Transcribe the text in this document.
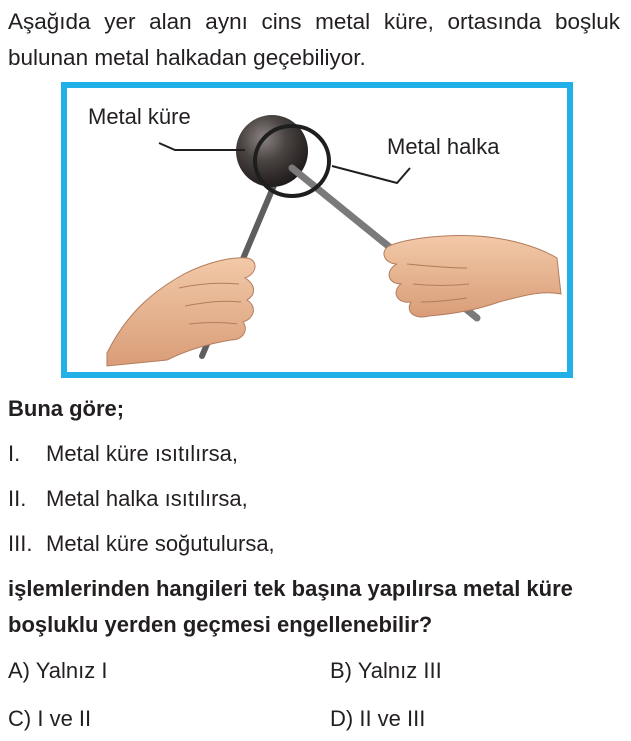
Aşağıda yer alan aynı cins metal küre, ortasında boşluk bulunan metal halkadan geçebiliyor.

Metal küre
Metal halka

Buna göre;

I. Metal küre ısıtılırsa,
II. Metal halka ısıtılırsa,
III. Metal küre soğutulursa,

işlemlerinden hangileri tek başına yapılırsa metal küre boşluklu yerden geçmesi engellenebilir?

A) Yalnız I	B) Yalnız III
C) I ve II	D) II ve III
